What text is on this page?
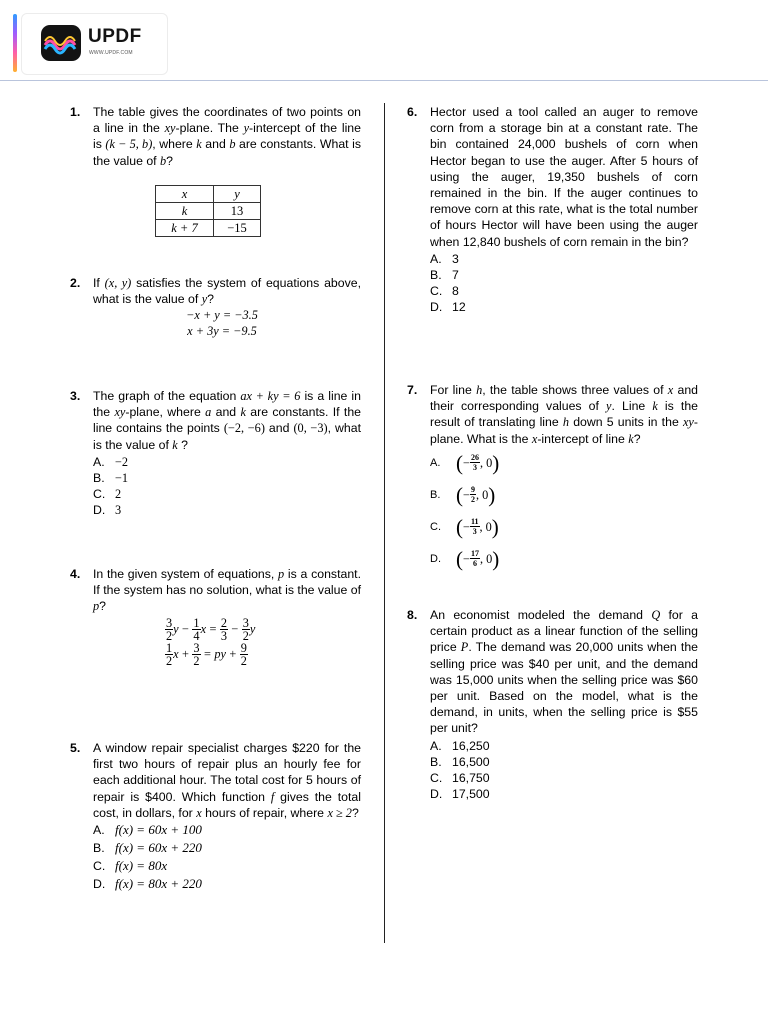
UPDF
WWW.UPDF.COM
1. The table gives the coordinates of two points on a line in the xy-plane. The y-intercept of the line is (k − 5, b), where k and b are constants. What is the value of b?
x	y
k	13
k + 7	−15
2. If (x, y) satisfies the system of equations above, what is the value of y?
−x + y = −3.5
x + 3y = −9.5
3. The graph of the equation ax + ky = 6 is a line in the xy-plane, where a and k are constants. If the line contains the points (−2, −6) and (0, −3), what is the value of k ?
A. −2
B. −1
C. 2
D. 3
4. In the given system of equations, p is a constant. If the system has no solution, what is the value of p?
$\frac{3}{2}$ $y - \frac{1}{4}$ $x = \frac{2}{3} - \frac{3}{2}$ y
$\frac{1}{2}$ $x + \frac{3}{2}$ = py + $\frac{9}{2}$
5. A window repair specialist charges $220 for the first two hours of repair plus an hourly fee for each additional hour. The total cost for 5 hours of repair is $400. Which function f gives the total cost, in dollars, for x hours of repair, where x ≥ 2?
A. f(x) = 60x + 100
B. f(x) = 60x + 220
C. f(x) = 80x
D. f(x) = 80x + 220
6. Hector used a tool called an auger to remove corn from a storage bin at a constant rate. The bin contained 24,000 bushels of corn when Hector began to use the auger. After 5 hours of using the auger, 19,350 bushels of corn remained in the bin. If the auger continues to remove corn at this rate, what is the total number of hours Hector will have been using the auger when 12,840 bushels of corn remain in the bin?
A. 3
B. 7
C. 8
D. 12
7. For line h, the table shows three values of x and their corresponding values of y. Line k is the result of translating line h down 5 units in the xy-plane. What is the x-intercept of line k?
A. ( − $\frac{26}{3}$ , 0 )
B. ( − $\frac{9}{2}$ , 0 )
C. ( − $\frac{11}{3}$ , 0 )
D. ( − $\frac{17}{6}$ , 0 )
8. An economist modeled the demand Q for a certain product as a linear function of the selling price P. The demand was 20,000 units when the selling price was $40 per unit, and the demand was 15,000 units when the selling price was $60 per unit. Based on the model, what is the demand, in units, when the selling price is $55 per unit?
A. 16,250
B. 16,500
C. 16,750
D. 17,500
